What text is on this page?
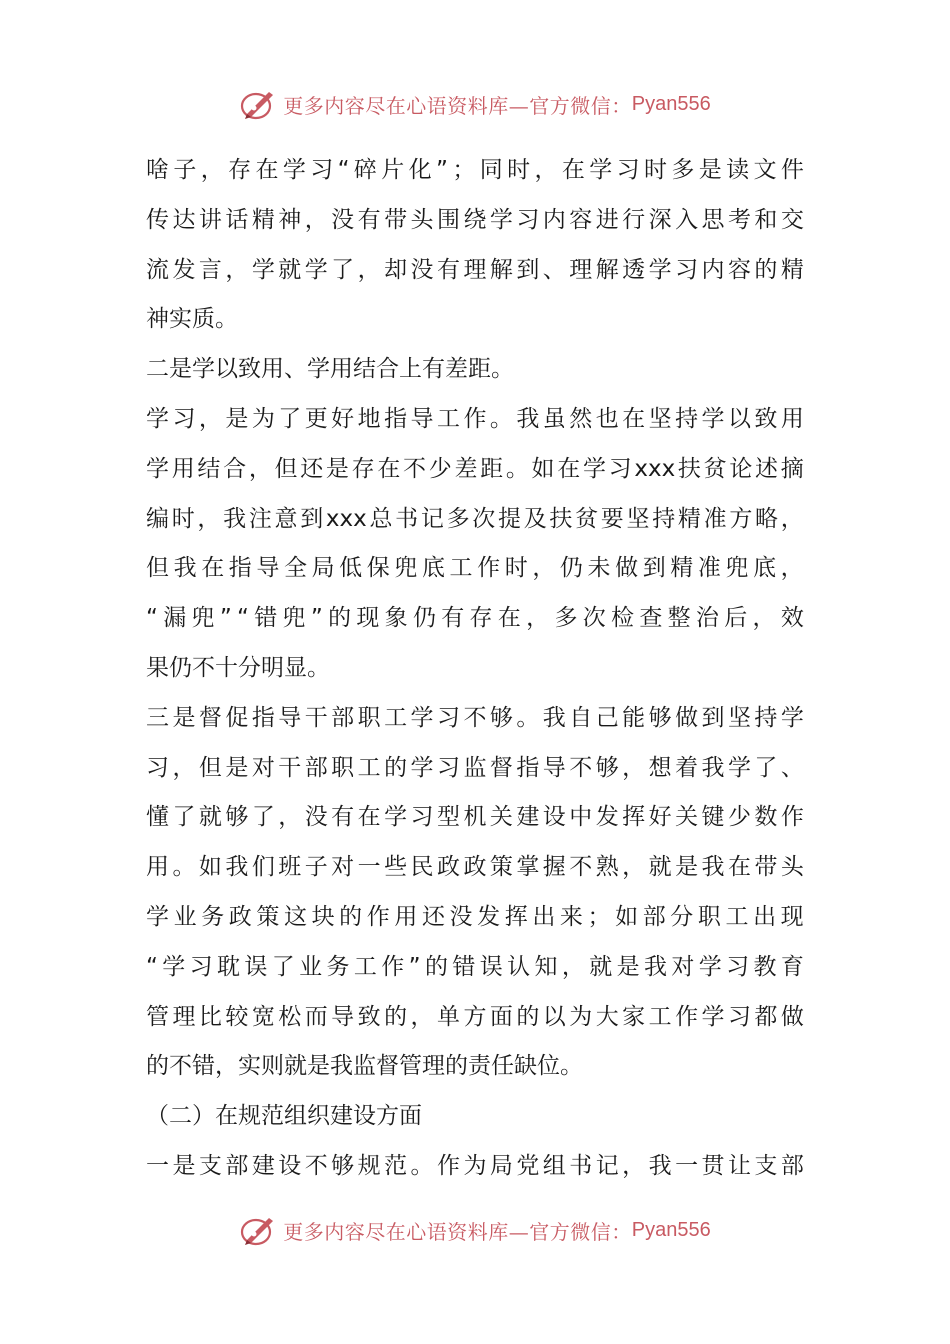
更多内容尽在心语资料库—官方微信： Pyan556
啥 子 ， 存 在 学 习 “ 碎 片 化 ” ； 同 时 ， 在 学 习 时 多 是 读 文 件
传 达 讲 话 精 神 ， 没 有 带 头 围 绕 学 习 内 容 进 行 深 入 思 考 和 交
流 发 言 ， 学 就 学 了 ， 却 没 有 理 解 到 、 理 解 透 学 习 内 容 的 精
神 实 质 。
二 是 学 以 致 用 、 学 用 结 合 上 有 差 距 。
学 习 ， 是 为 了 更 好 地 指 导 工 作 。 我 虽 然 也 在 坚 持 学 以 致 用
学 用 结 合 ， 但 还 是 存 在 不 少 差 距 。 如 在 学 习 xxx 扶 贫 论 述 摘
编 时 ， 我 注 意 到 xxx 总 书 记 多 次 提 及 扶 贫 要 坚 持 精 准 方 略 ，
但 我 在 指 导 全 局 低 保 兜 底 工 作 时 ， 仍 未 做 到 精 准 兜 底 ，
“ 漏 兜 ” “ 错 兜 ” 的 现 象 仍 有 存 在 ， 多 次 检 查 整 治 后 ， 效
果 仍 不 十 分 明 显 。
三 是 督 促 指 导 干 部 职 工 学 习 不 够 。 我 自 己 能 够 做 到 坚 持 学
习 ， 但 是 对 干 部 职 工 的 学 习 监 督 指 导 不 够 ， 想 着 我 学 了 、
懂 了 就 够 了 ， 没 有 在 学 习 型 机 关 建 设 中 发 挥 好 关 键 少 数 作
用 。 如 我 们 班 子 对 一 些 民 政 政 策 掌 握 不 熟 ， 就 是 我 在 带 头
学 业 务 政 策 这 块 的 作 用 还 没 发 挥 出 来 ； 如 部 分 职 工 出 现
“ 学 习 耽 误 了 业 务 工 作 ” 的 错 误 认 知 ， 就 是 我 对 学 习 教 育
管 理 比 较 宽 松 而 导 致 的 ， 单 方 面 的 以 为 大 家 工 作 学 习 都 做
的 不 错 ， 实 则 就 是 我 监 督 管 理 的 责 任 缺 位 。
（ 二 ） 在 规 范 组 织 建 设 方 面
一 是 支 部 建 设 不 够 规 范 。 作 为 局 党 组 书 记 ， 我 一 贯 让 支 部
更多内容尽在心语资料库—官方微信： Pyan556
